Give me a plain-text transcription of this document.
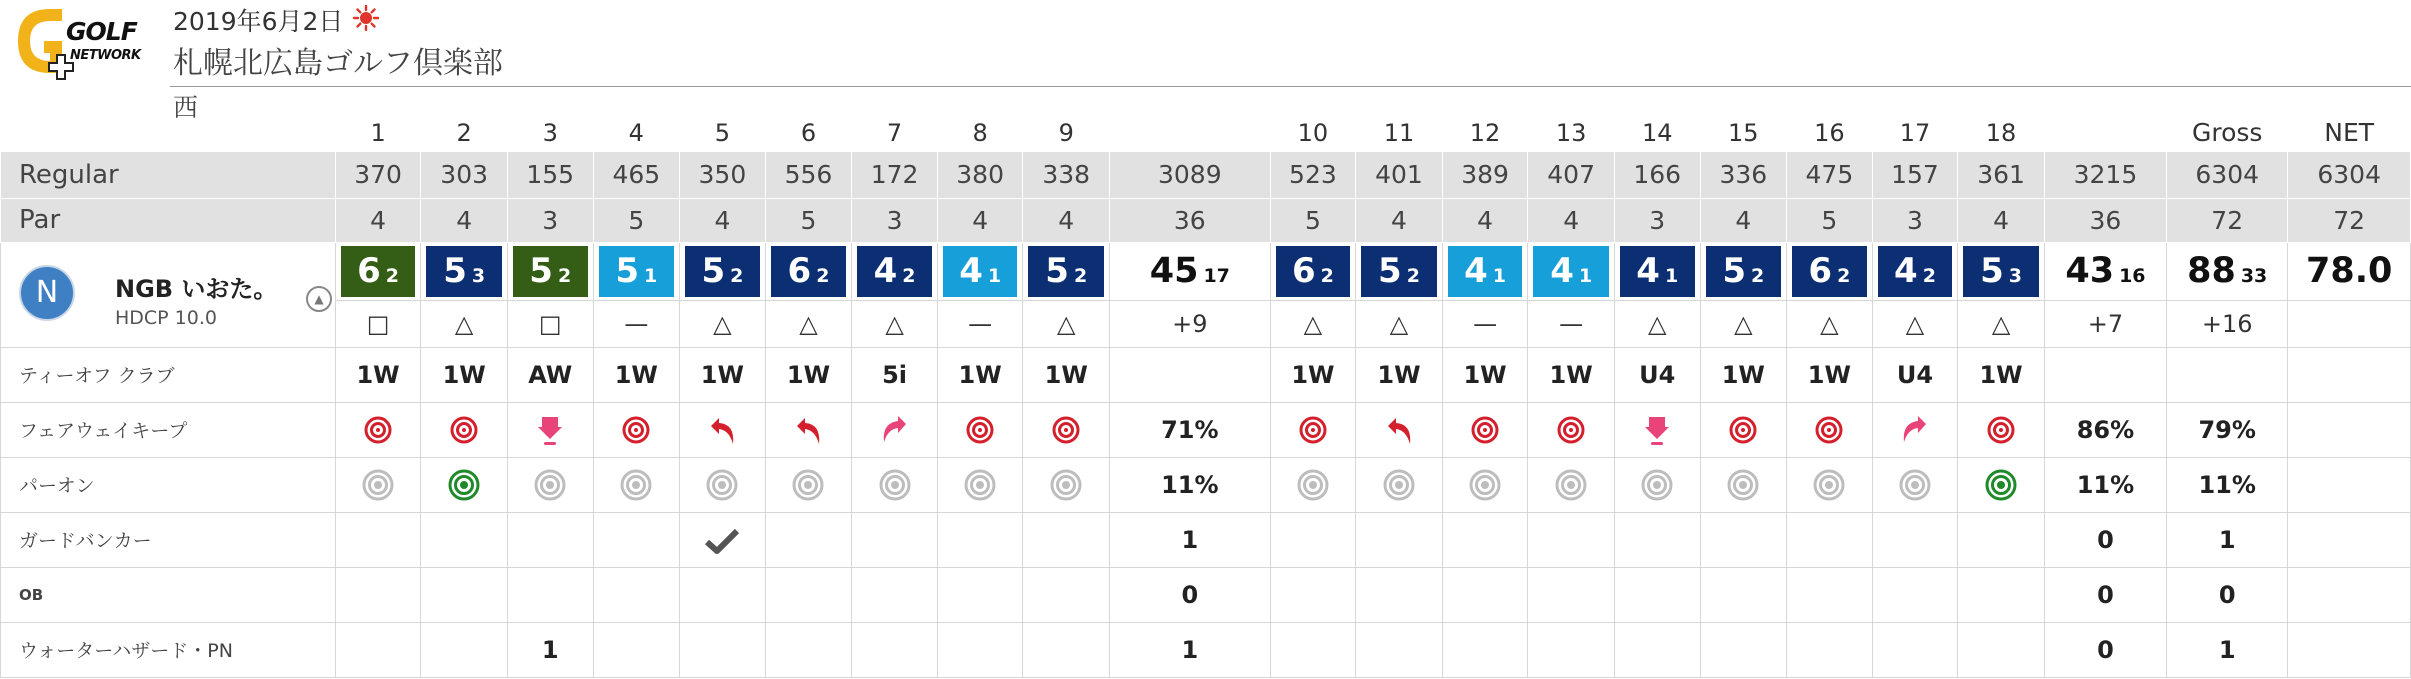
GOLF
NETWORK
2019年6月2日
札幌北広島ゴルフ倶楽部
西
	1	2	3	4	5	6	7	8	9		10	11	12	13	14	15	16	17	18		Gross	NET
Regular	370	303	155	465	350	556	172	380	338	3089	523	401	389	407	166	336	475	157	361	3215	6304	6304
Par	4	4	3	5	4	5	3	4	4	36	5	4	4	4	3	4	5	3	4	36	72	72

N NGB いおた。
HDCP 10.0
▲	6 2	5 3	5 2	5 1	5 2	6 2	4 2	4 1	5 2	45 17	6 2	5 2	4 1	4 1	4 1	5 2	6 2	4 2	5 3	43 16	88 33	78.0
	□	△	□	—	△	△	△	—	△	+9	△	△	—	—	△	△	△	△	△	+7	+16	
ティーオフ クラブ	1W	1W	AW	1W	1W	1W	5i	1W	1W		1W	1W	1W	1W	U4	1W	1W	U4	1W			
フェアウェイキープ										71%										86%	79%	
パーオン										11%										11%	11%	
ガードバンカー										1										0	1	
OB										0										0	0	
ウォーターハザード・PN			1							1										0	1	
